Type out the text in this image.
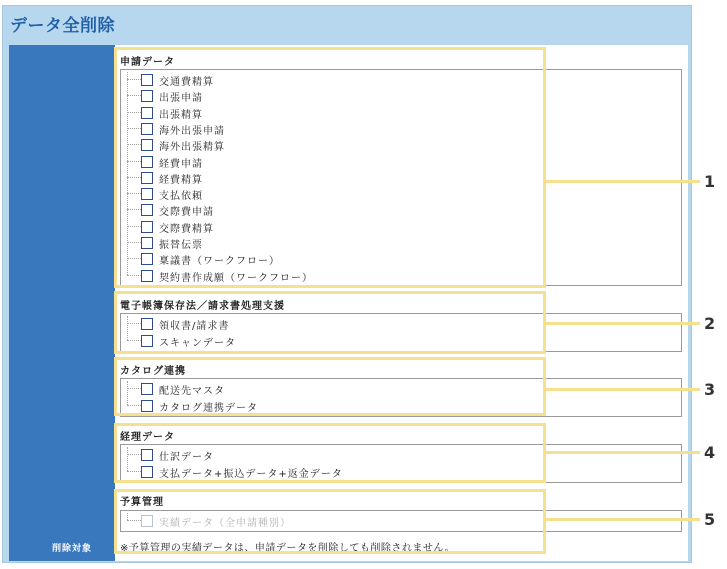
データ全削除
削除対象
申請データ
交通費精算
出張申請
出張精算
海外出張申請
海外出張精算
経費申請
経費精算
支払依頼
交際費申請
交際費精算
振替伝票
稟議書（ワークフロー）
契約書作成願（ワークフロー）
電子帳簿保存法／請求書処理支援
領収書/請求書
スキャンデータ
カタログ連携
配送先マスタ
カタログ連携データ
経理データ
仕訳データ
支払データ+振込データ+返金データ
予算管理
実績データ（全申請種別）
※予算管理の実績データは、申請データを削除しても削除されません。
1
2
3
4
5
